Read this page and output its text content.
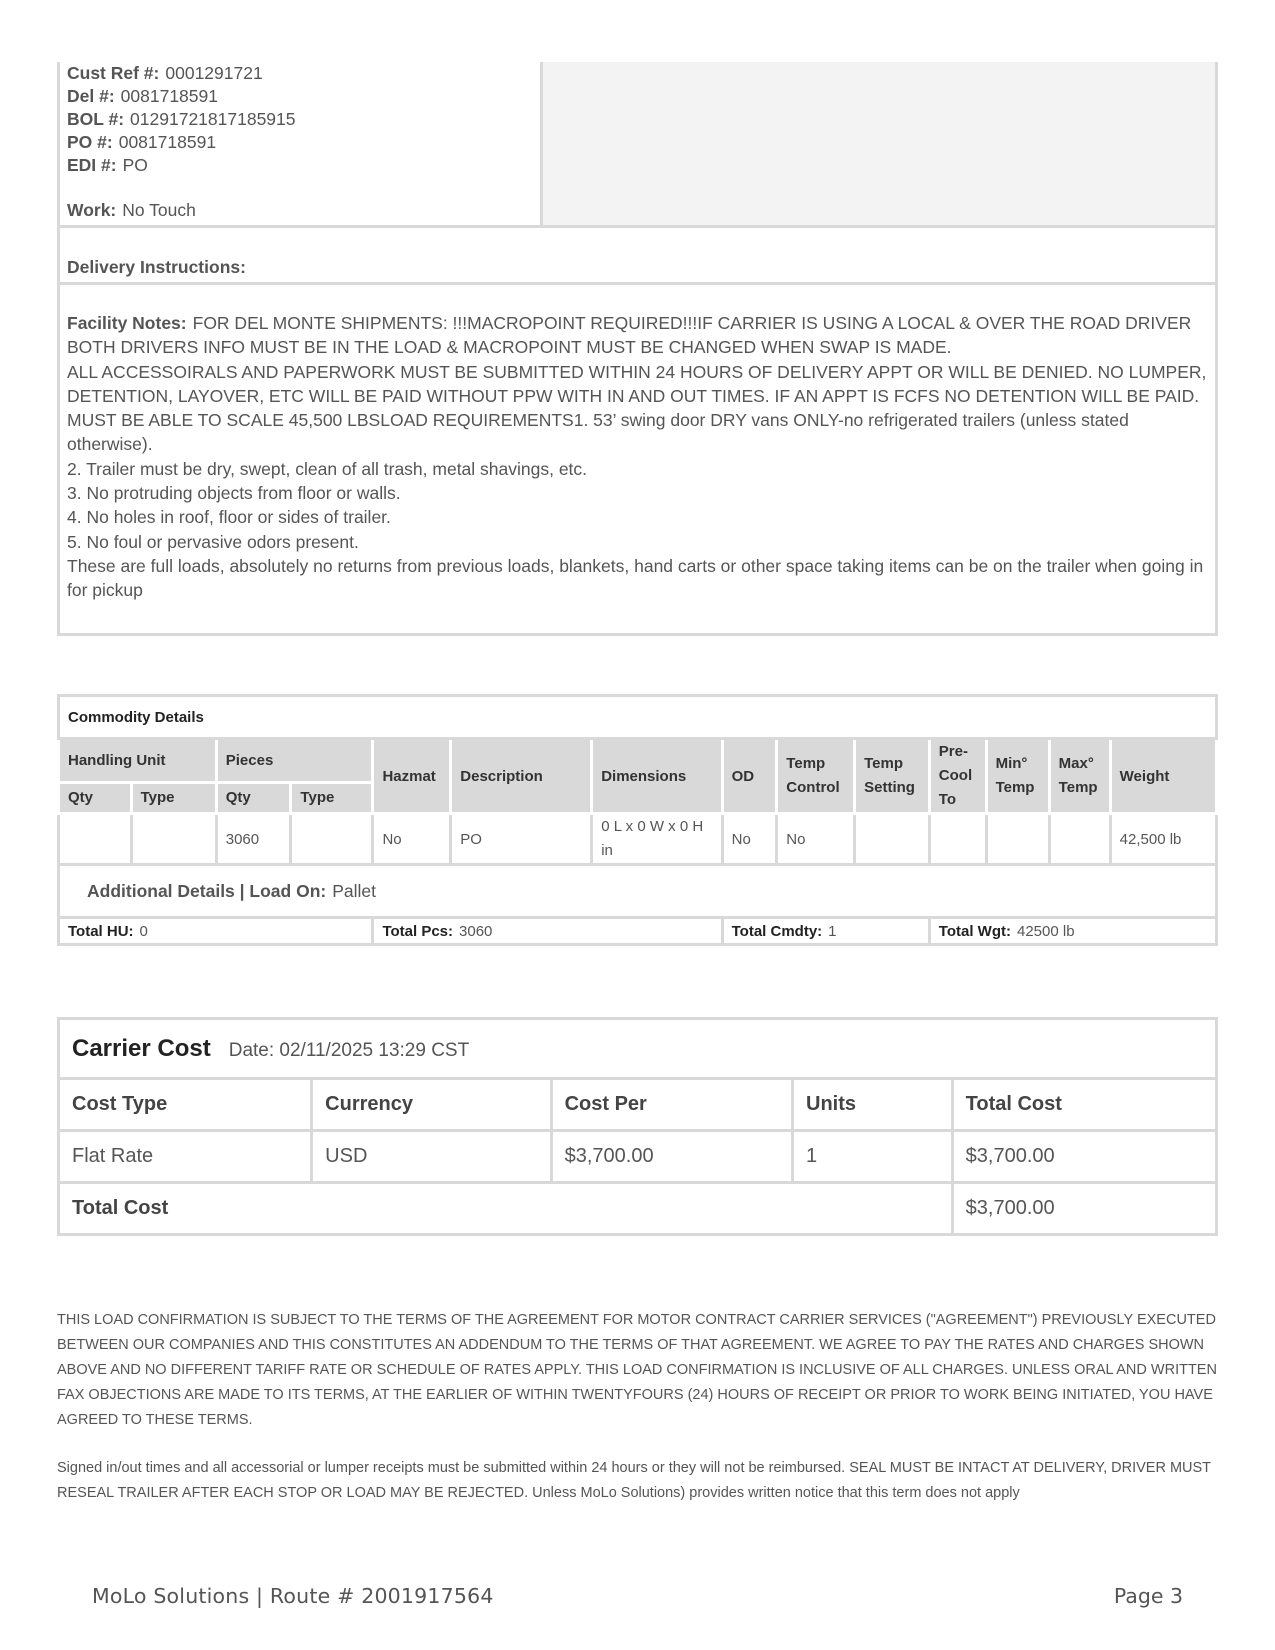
Cust Ref #: 0001291721
Del #: 0081718591
BOL #: 01291721817185915
PO #: 0081718591
EDI #: PO
Work: No Touch
Delivery Instructions:
Facility Notes: FOR DEL MONTE SHIPMENTS: !!!MACROPOINT REQUIRED!!!IF CARRIER IS USING A LOCAL & OVER THE ROAD DRIVER BOTH DRIVERS INFO MUST BE IN THE LOAD & MACROPOINT MUST BE CHANGED WHEN SWAP IS MADE.
ALL ACCESSOIRALS AND PAPERWORK MUST BE SUBMITTED WITHIN 24 HOURS OF DELIVERY APPT OR WILL BE DENIED. NO LUMPER, DETENTION, LAYOVER, ETC WILL BE PAID WITHOUT PPW WITH IN AND OUT TIMES. IF AN APPT IS FCFS NO DETENTION WILL BE PAID.
MUST BE ABLE TO SCALE 45,500 LBSLOAD REQUIREMENTS1. 53’ swing door DRY vans ONLY-no refrigerated trailers (unless stated otherwise).
2. Trailer must be dry, swept, clean of all trash, metal shavings, etc.
3. No protruding objects from floor or walls.
4. No holes in roof, floor or sides of trailer.
5. No foul or pervasive odors present.
These are full loads, absolutely no returns from previous loads, blankets, hand carts or other space taking items can be on the trailer when going in for pickup
Commodity Details													
Handling Unit		Pieces		Hazmat	Description	Dimensions	OD	Temp Control	Temp Setting	Pre-Cool To	Min° Temp	Max° Temp	Weight
Qty	Type	Qty	Type										
		3060		No	PO	0 L x 0 W x 0 H in	No	No					42,500 lb
Additional Details | Load On: Pallet													
Total HU: 0				Total Pcs: 3060			Total Cmdty: 1			Total Wgt: 42500 lb			
Carrier Cost Date: 02/11/2025 13:29 CST				
Cost Type	Currency	Cost Per	Units	Total Cost
Flat Rate	USD	$3,700.00	1	$3,700.00
Total Cost				$3,700.00
THIS LOAD CONFIRMATION IS SUBJECT TO THE TERMS OF THE AGREEMENT FOR MOTOR CONTRACT CARRIER SERVICES ("AGREEMENT") PREVIOUSLY EXECUTED BETWEEN OUR COMPANIES AND THIS CONSTITUTES AN ADDENDUM TO THE TERMS OF THAT AGREEMENT. WE AGREE TO PAY THE RATES AND CHARGES SHOWN ABOVE AND NO DIFFERENT TARIFF RATE OR SCHEDULE OF RATES APPLY. THIS LOAD CONFIRMATION IS INCLUSIVE OF ALL CHARGES. UNLESS ORAL AND WRITTEN FAX OBJECTIONS ARE MADE TO ITS TERMS, AT THE EARLIER OF WITHIN TWENTYFOURS (24) HOURS OF RECEIPT OR PRIOR TO WORK BEING INITIATED, YOU HAVE AGREED TO THESE TERMS.
Signed in/out times and all accessorial or lumper receipts must be submitted within 24 hours or they will not be reimbursed. SEAL MUST BE INTACT AT DELIVERY, DRIVER MUST RESEAL TRAILER AFTER EACH STOP OR LOAD MAY BE REJECTED. Unless MoLo Solutions) provides written notice that this term does not apply
MoLo Solutions | Route # 2001917564	Page 3
